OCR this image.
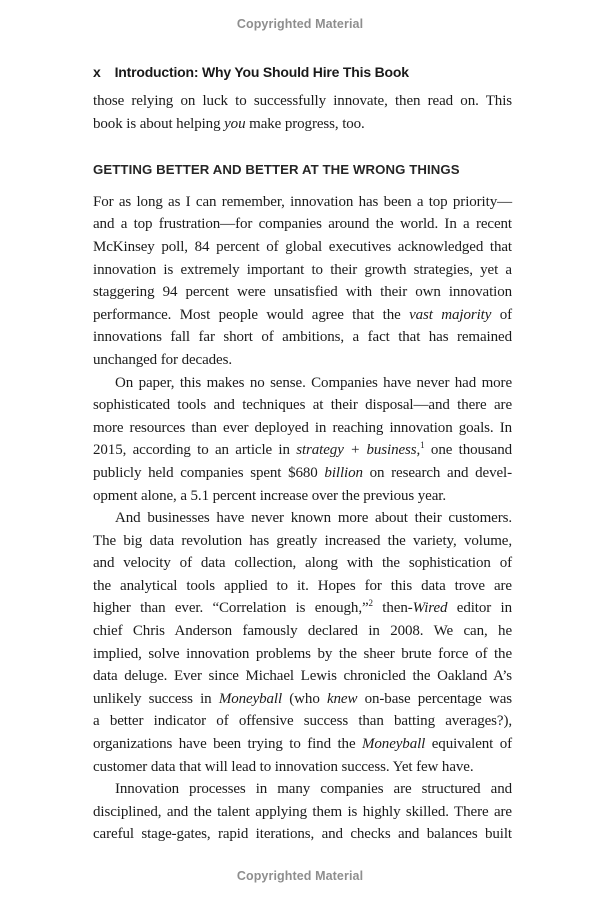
Copyrighted Material
x Introduction: Why You Should Hire This Book
those relying on luck to successfully innovate, then read on. This
book is about helping you make progress, too.
GETTING BETTER AND BETTER AT THE WRONG THINGS
For as long as I can remember, innovation has been a top priority—
and a top frustration—for companies around the world. In a recent
McKinsey poll, 84 percent of global executives acknowledged that
innovation is extremely important to their growth strategies, yet a
staggering 94 percent were unsatisfied with their own innovation
performance. Most people would agree that the vast majority of
innovations fall far short of ambitions, a fact that has remained
unchanged for decades.
On paper, this makes no sense. Companies have never had more
sophisticated tools and techniques at their disposal—and there are
more resources than ever deployed in reaching innovation goals. In
2015, according to an article in strategy + business,$^1$ one thousand
publicly held companies spent $680 billion on research and devel-
opment alone, a 5.1 percent increase over the previous year.
And businesses have never known more about their customers.
The big data revolution has greatly increased the variety, volume,
and velocity of data collection, along with the sophistication of
the analytical tools applied to it. Hopes for this data trove are
higher than ever. “Correlation is enough,”$^2$ then-Wired editor in
chief Chris Anderson famously declared in 2008. We can, he
implied, solve innovation problems by the sheer brute force of the
data deluge. Ever since Michael Lewis chronicled the Oakland A’s
unlikely success in Moneyball (who knew on-base percentage was
a better indicator of offensive success than batting averages?),
organizations have been trying to find the Moneyball equivalent of
customer data that will lead to innovation success. Yet few have.
Innovation processes in many companies are structured and
disciplined, and the talent applying them is highly skilled. There are
careful stage-gates, rapid iterations, and checks and balances built
Copyrighted Material
